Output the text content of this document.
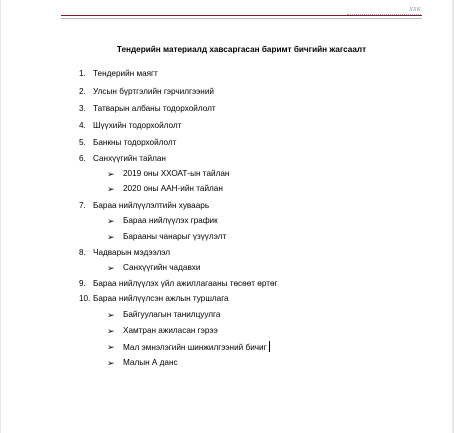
XXK
Тендерийн материалд хавсаргасан баримт бичгийн жагсаалт
1. Тендерийн маягт
2. Улсын бүртгэлийн гэрчилгээний
3. Татварын албаны тодорхойлолт
4. Шүүхийн тодорхойлолт
5. Банкны тодорхойлолт
6. Санхүүгийн тайлан
➢ 2019 оны ХХОАТ-ын тайлан
➢ 2020 оны ААН-ийн тайлан
7. Бараа нийлүүлэлтийн хуваарь
➢ Бараа нийлүүлэх график
➢ Барааны чанарыг үзүүлэлт
8. Чадварын мэдээлэл
➢ Санхүүгийн чадавхи
9. Бараа нийлүүлэх үйл ажиллагааны төсөөт өртөг
10. Бараа нийлүүлсэн ажлын туршлага
➢ Байгуулагын танилцуулга
➢ Хамтран ажиласан гэрээ
➢ Мал эмнэлэгийн шинжилгээний бичиг
➢ Малын А данс
